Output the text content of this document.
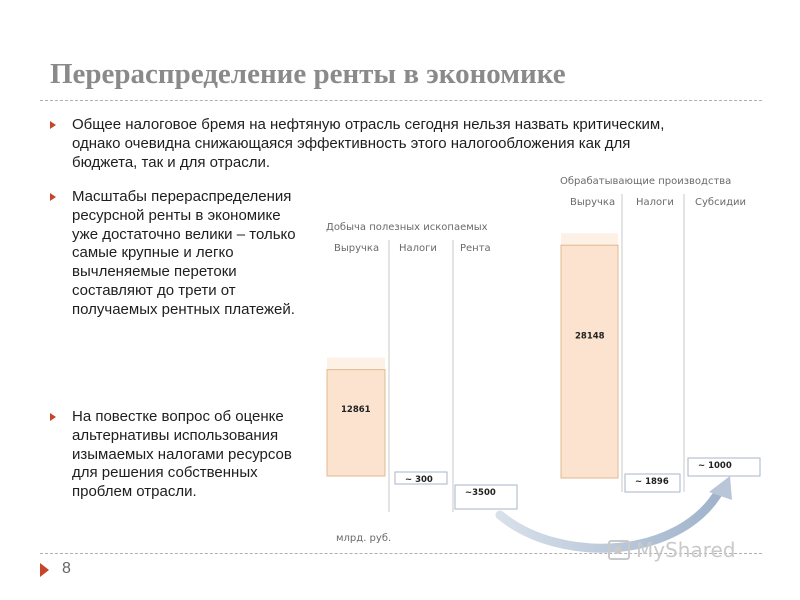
Перераспределение ренты в экономике
Общее налоговое бремя на нефтяную отрасль сегодня нельзя назвать критическим, однако очевидна снижающаяся эффективность этого налогообложения как для бюджета, так и для отрасли.
Масштабы перераспределения ресурсной ренты в экономике уже достаточно велики – только самые крупные и легко вычленяемые перетоки составляют до трети от получаемых рентных платежей.
На повестке вопрос об оценке альтернативы использования изымаемых налогами ресурсов для решения собственных проблем отрасли.
Добыча полезных ископаемых
Выручка Налоги Рента
Обрабатывающие производства
Выручка Налоги Субсидии
12861
~ 300
~3500
28148
~ 1896
~ 1000
млрд. руб.
8
MyShared
